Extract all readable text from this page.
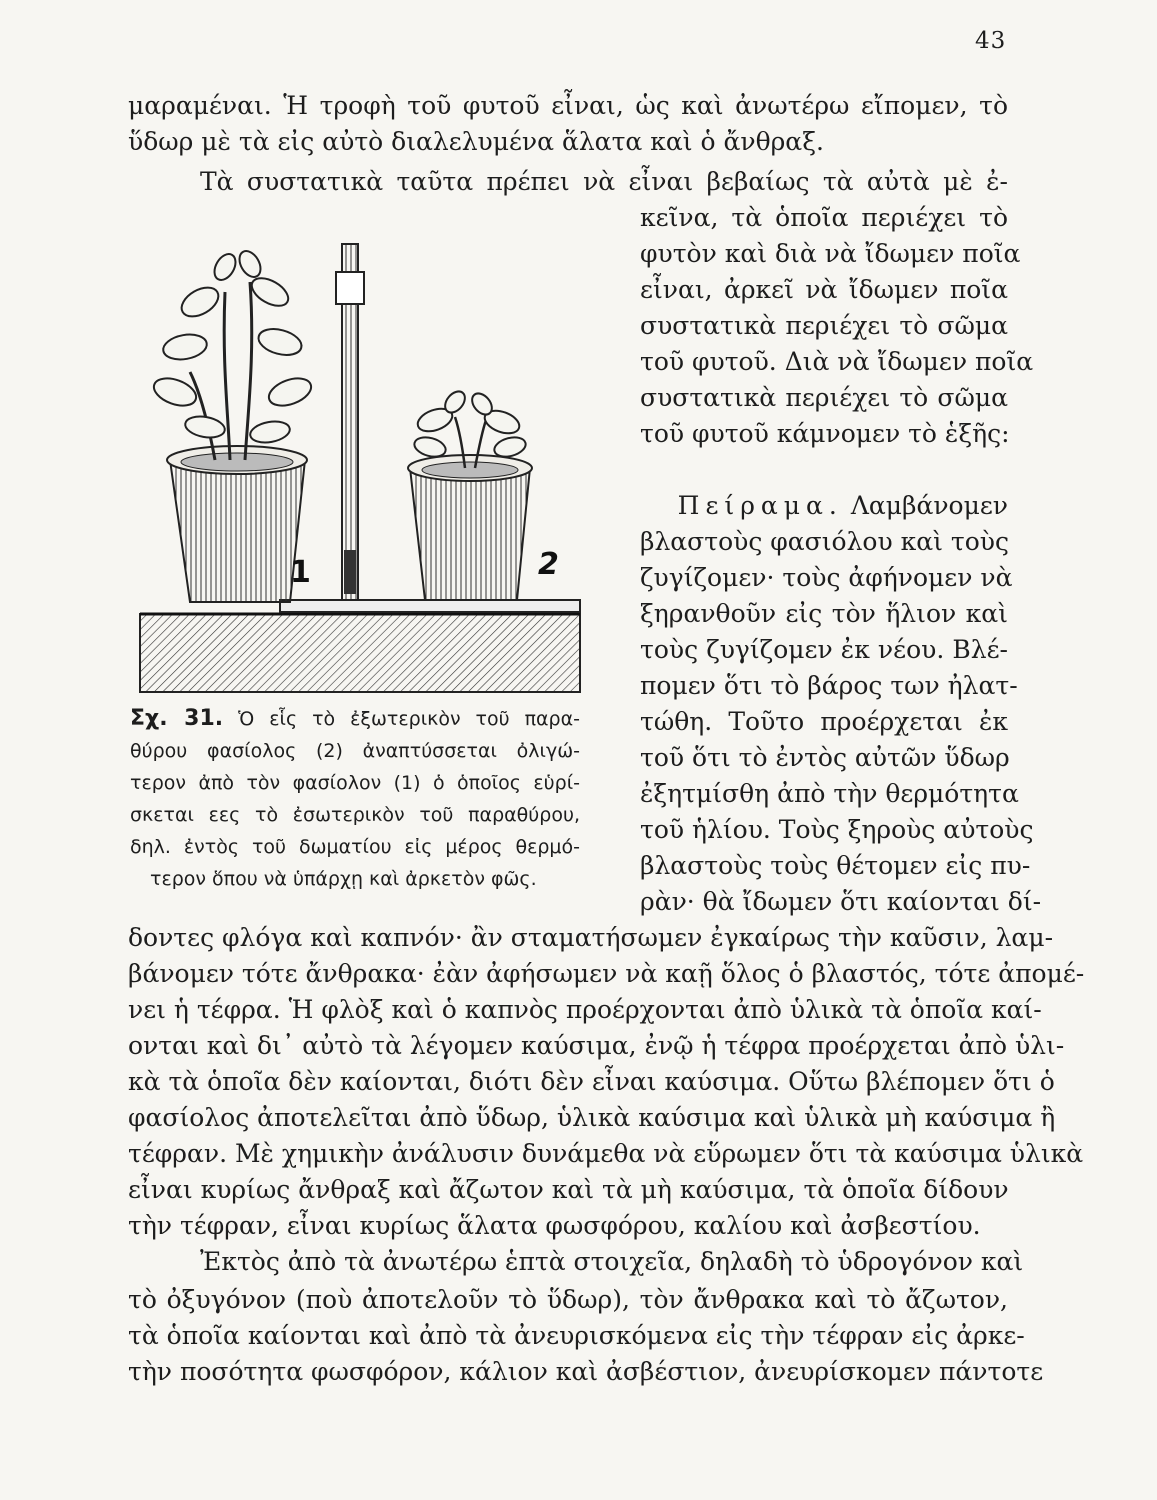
43
μαραμέναι. Ἡ τροφὴ τοῦ φυτοῦ εἶναι, ὡς καὶ ἀνωτέρω εἴπομεν, τὸ
ὕδωρ μὲ τὰ εἰς αὐτὸ διαλελυμένα ἅλατα καὶ ὁ ἄνθραξ.
Τὰ συστατικὰ ταῦτα πρέπει νὰ εἶναι βεβαίως τὰ αὐτὰ μὲ ἐ-
κεῖνα, τὰ ὁποῖα περιέχει τὸ
φυτὸν καὶ διὰ νὰ ἴδωμεν ποῖα
εἶναι, ἀρκεῖ νὰ ἴδωμεν ποῖα
συστατικὰ περιέχει τὸ σῶμα
τοῦ φυτοῦ. Διὰ νὰ ἴδωμεν ποῖα
συστατικὰ περιέχει τὸ σῶμα
τοῦ φυτοῦ κάμνομεν τὸ ἑξῆς:
Πείραμα. Λαμβάνομεν
βλαστοὺς φασιόλου καὶ τοὺς
ζυγίζομεν· τοὺς ἀφήνομεν νὰ
ξηρανθοῦν εἰς τὸν ἥλιον καὶ
τοὺς ζυγίζομεν ἐκ νέου. Βλέ-
πομεν ὅτι τὸ βάρος των ἠλατ-
τώθη. Τοῦτο προέρχεται ἐκ
τοῦ ὅτι τὸ ἐντὸς αὐτῶν ὕδωρ
ἐξητμίσθη ἀπὸ τὴν θερμότητα
τοῦ ἡλίου. Τοὺς ξηροὺς αὐτοὺς
βλαστοὺς τοὺς θέτομεν εἰς πυ-
ρὰν· θὰ ἴδωμεν ὅτι καίονται δί-
1	2
Σχ. 31. Ὁ εἷς τὸ ἐξωτερικὸν τοῦ παρα-
θύρου φασίολος (2) ἀναπτύσσεται ὀλιγώ-
τερον ἀπὸ τὸν φασίολον (1) ὁ ὁποῖος εὑρί-
σκεται εες τὸ ἐσωτερικὸν τοῦ παραθύρου,
δηλ. ἐντὸς τοῦ δωματίου εἰς μέρος θερμό-
τερον ὅπου νὰ ὑπάρχῃ καὶ ἀρκετὸν φῶς.
δοντες φλόγα καὶ καπνόν· ἂν σταματήσωμεν ἐγκαίρως τὴν καῦσιν, λαμ-
βάνομεν τότε ἄνθρακα· ἐὰν ἀφήσωμεν νὰ καῇ ὅλος ὁ βλαστός, τότε ἀπομέ-
νει ἡ τέφρα. Ἡ φλὸξ καὶ ὁ καπνὸς προέρχονται ἀπὸ ὑλικὰ τὰ ὁποῖα καί-
ονται καὶ δι᾽ αὐτὸ τὰ λέγομεν καύσιμα, ἐνῷ ἡ τέφρα προέρχεται ἀπὸ ὑλι-
κὰ τὰ ὁποῖα δὲν καίονται, διότι δὲν εἶναι καύσιμα. Οὕτω βλέπομεν ὅτι ὁ
φασίολος ἀποτελεῖται ἀπὸ ὕδωρ, ὑλικὰ καύσιμα καὶ ὑλικὰ μὴ καύσιμα ἢ
τέφραν. Μὲ χημικὴν ἀνάλυσιν δυνάμεθα νὰ εὕρωμεν ὅτι τὰ καύσιμα ὑλικὰ
εἶναι κυρίως ἄνθραξ καὶ ἄζωτον καὶ τὰ μὴ καύσιμα, τὰ ὁποῖα δίδουν
τὴν τέφραν, εἶναι κυρίως ἅλατα φωσφόρου, καλίου καὶ ἀσβεστίου.
Ἐκτὸς ἀπὸ τὰ ἀνωτέρω ἑπτὰ στοιχεῖα, δηλαδὴ τὸ ὑδρογόνον καὶ
τὸ ὀξυγόνον (ποὺ ἀποτελοῦν τὸ ὕδωρ), τὸν ἄνθρακα καὶ τὸ ἄζωτον,
τὰ ὁποῖα καίονται καὶ ἀπὸ τὰ ἀνευρισκόμενα εἰς τὴν τέφραν εἰς ἀρκε-
τὴν ποσότητα φωσφόρον, κάλιον καὶ ἀσβέστιον, ἀνευρίσκομεν πάντοτε
